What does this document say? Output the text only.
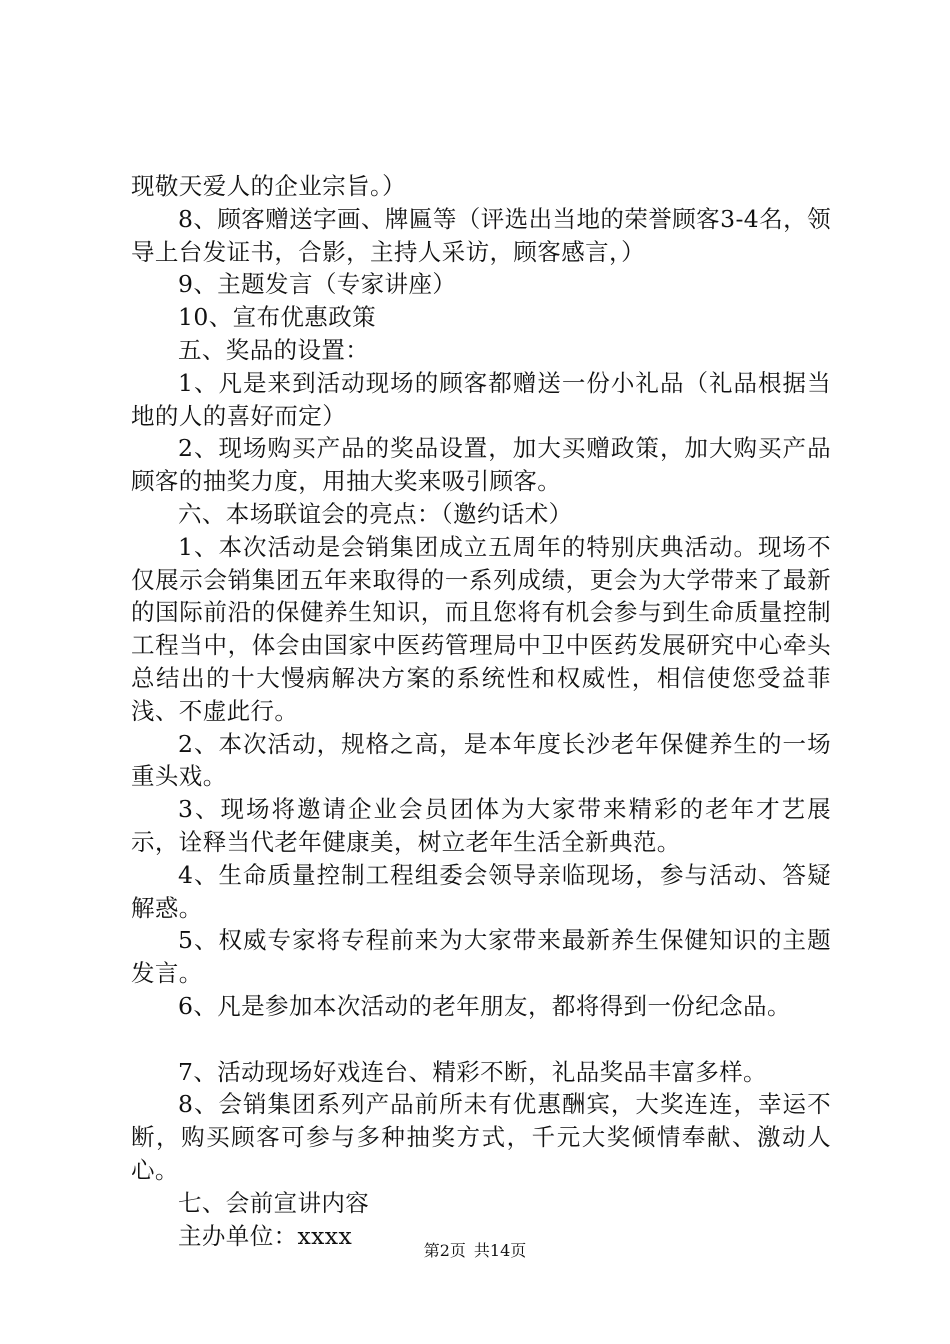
现敬天爱人的企业宗旨。）

8、顾客赠送字画、牌匾等（评选出当地的荣誉顾客3-4名，领导上台发证书，合影，主持人采访，顾客感言，）

9、主题发言（专家讲座）

10、宣布优惠政策

五、奖品的设置：

1、凡是来到活动现场的顾客都赠送一份小礼品（礼品根据当地的人的喜好而定）

2、现场购买产品的奖品设置，加大买赠政策，加大购买产品顾客的抽奖力度，用抽大奖来吸引顾客。

六、本场联谊会的亮点：（邀约话术）

1、本次活动是会销集团成立五周年的特别庆典活动。现场不仅展示会销集团五年来取得的一系列成绩，更会为大学带来了最新的国际前沿的保健养生知识，而且您将有机会参与到生命质量控制工程当中，体会由国家中医药管理局中卫中医药发展研究中心牵头总结出的十大慢病解决方案的系统性和权威性，相信使您受益菲浅、不虚此行。

2、本次活动，规格之高，是本年度长沙老年保健养生的一场重头戏。

3、现场将邀请企业会员团体为大家带来精彩的老年才艺展示，诠释当代老年健康美，树立老年生活全新典范。

4、生命质量控制工程组委会领导亲临现场，参与活动、答疑解惑。

5、权威专家将专程前来为大家带来最新养生保健知识的主题发言。

6、凡是参加本次活动的老年朋友，都将得到一份纪念品。

7、活动现场好戏连台、精彩不断，礼品奖品丰富多样。

8、会销集团系列产品前所未有优惠酬宾，大奖连连，幸运不断，购买顾客可参与多种抽奖方式，千元大奖倾情奉献、激动人心。

七、会前宣讲内容

主办单位：xxxx

第2页 共14页
